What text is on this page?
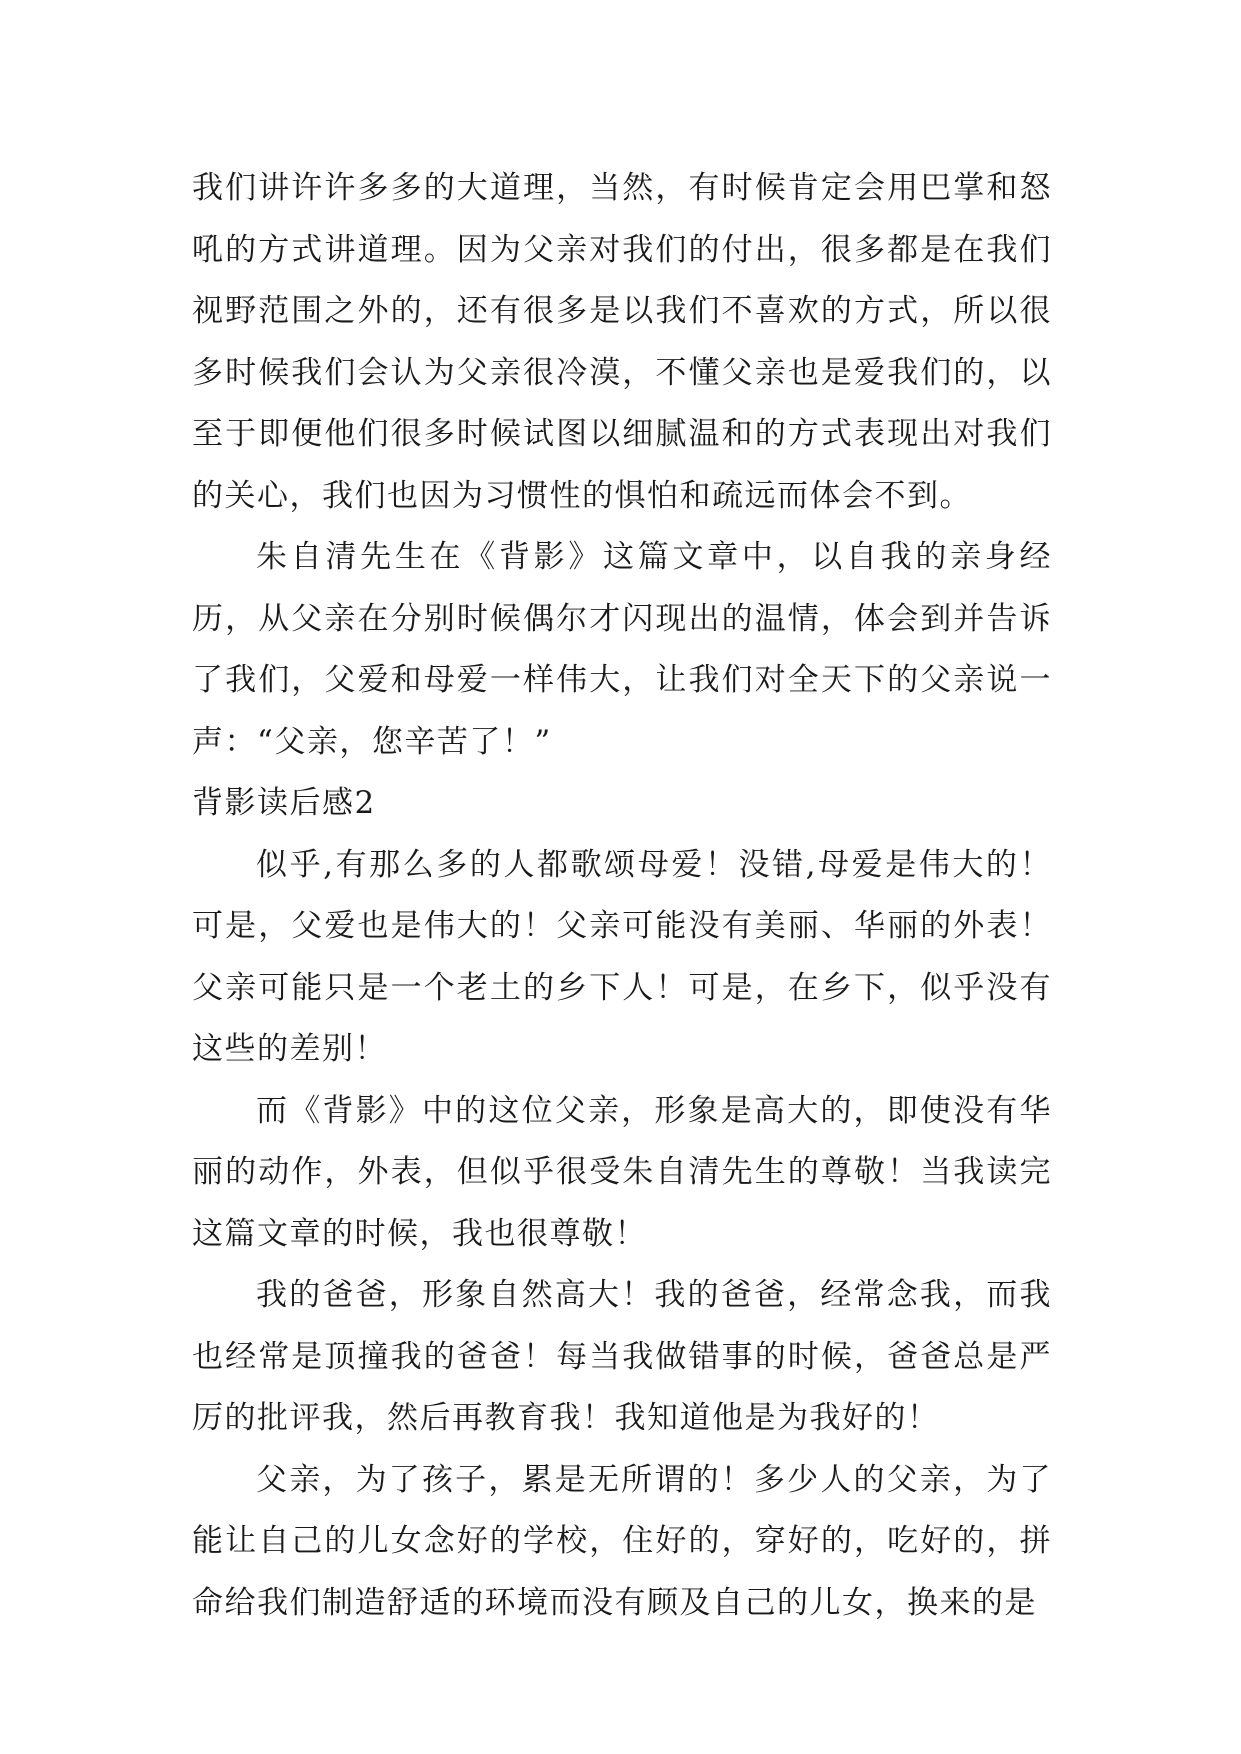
我们讲许许多多的大道理，当然，有时候肯定会用巴掌和怒吼的方式讲道理。因为父亲对我们的付出，很多都是在我们视野范围之外的，还有很多是以我们不喜欢的方式，所以很多时候我们会认为父亲很冷漠，不懂父亲也是爱我们的，以至于即便他们很多时候试图以细腻温和的方式表现出对我们的关心，我们也因为习惯性的惧怕和疏远而体会不到。

朱自清先生在《背影》这篇文章中，以自我的亲身经历，从父亲在分别时候偶尔才闪现出的温情，体会到并告诉了我们，父爱和母爱一样伟大，让我们对全天下的父亲说一声：“父亲，您辛苦了！”

背影读后感2

似乎,有那么多的人都歌颂母爱！没错,母爱是伟大的！可是，父爱也是伟大的！父亲可能没有美丽、华丽的外表！父亲可能只是一个老土的乡下人！可是，在乡下，似乎没有这些的差别！

而《背影》中的这位父亲，形象是高大的，即使没有华丽的动作，外表，但似乎很受朱自清先生的尊敬！当我读完这篇文章的时候，我也很尊敬！

我的爸爸，形象自然高大！我的爸爸，经常念我，而我也经常是顶撞我的爸爸！每当我做错事的时候，爸爸总是严厉的批评我，然后再教育我！我知道他是为我好的！

父亲，为了孩子，累是无所谓的！多少人的父亲，为了能让自己的儿女念好的学校，住好的，穿好的，吃好的，拼命给我们制造舒适的环境而没有顾及自己的儿女，换来的是
